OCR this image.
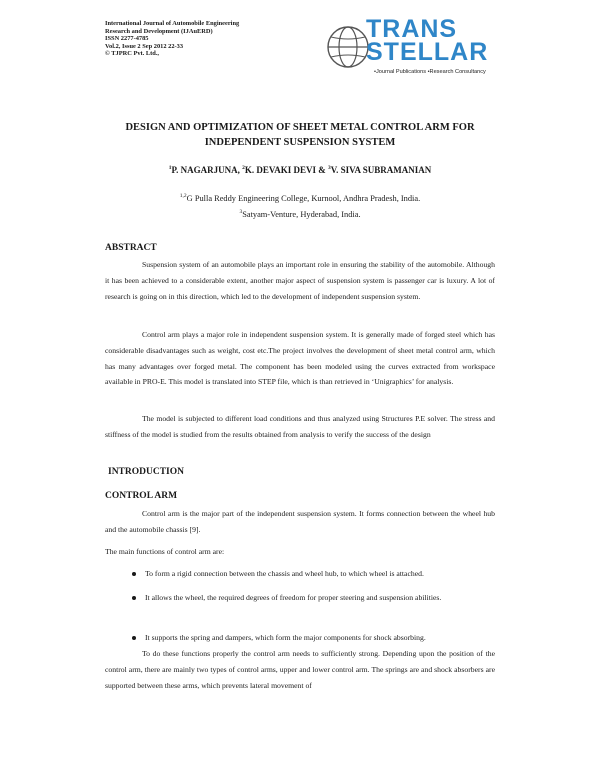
International Journal of Automobile Engineering
Research and Development (IJAuERD)
ISSN 2277-4785
Vol.2, Issue 2 Sep 2012 22-33
© TJPRC Pvt. Ltd.,
TRANS
STELLAR
•Journal Publications •Research Consultancy
DESIGN AND OPTIMIZATION OF SHEET METAL CONTROL ARM FOR
INDEPENDENT SUSPENSION SYSTEM
$^1$P. NAGARJUNA, $^2$K. DEVAKI DEVI & $^3$V. SIVA SUBRAMANIAN
$^{1,2}$G Pulla Reddy Engineering College, Kurnool, Andhra Pradesh, India.
$^3$Satyam-Venture, Hyderabad, India.
ABSTRACT

Suspension system of an automobile plays an important role in ensuring the stability of the automobile. Although it has been achieved to a considerable extent, another major aspect of suspension system is passenger car is luxury. A lot of research is going on in this direction, which led to the development of independent suspension system.

Control arm plays a major role in independent suspension system. It is generally made of forged steel which has considerable disadvantages such as weight, cost etc.The project involves the development of sheet metal control arm, which has many advantages over forged metal. The component has been modeled using the curves extracted from workspace available in PRO-E. This model is translated into STEP file, which is than retrieved in ‘Unigraphics’ for analysis.

The model is subjected to different load conditions and thus analyzed using Structures P.E solver. The stress and stiffness of the model is studied from the results obtained from analysis to verify the success of the design

INTRODUCTION
CONTROL ARM

Control arm is the major part of the independent suspension system. It forms connection between the wheel hub and the automobile chassis [9].

The main functions of control arm are:
To form a rigid connection between the chassis and wheel hub, to which wheel is attached.
It allows the wheel, the required degrees of freedom for proper steering and suspension abilities.
It supports the spring and dampers, which form the major components for shock absorbing.

To do these functions properly the control arm needs to sufficiently strong. Depending upon the position of the control arm, there are mainly two types of control arms, upper and lower control arm. The springs are and shock absorbers are supported between these arms, which prevents lateral movement of
